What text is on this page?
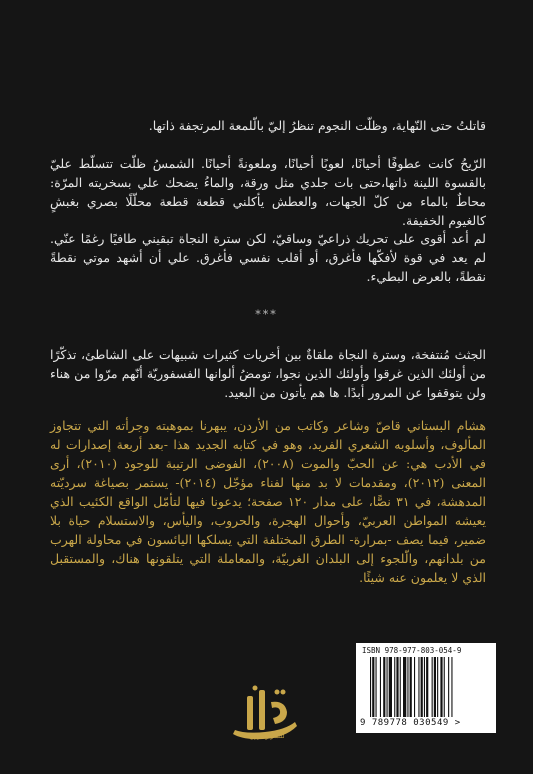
قاتلتُ حتى النّهاية، وظلّت النجوم تنظرُ إليّ بالّلمعة المرتجفة ذاتها.

الرّيحُ كانت عطوفًا أحيانًا، لعوبًا أحيانًا، وملعونةً أحيانًا. الشمسُ ظلّت تتسلّط عليّ بالقسوة اللينة ذاتها،حتى بات جلدي مثل ورقة، والماءُ يضحك علي بسخريته المرّة: محاطٌ بالماء من كلّ الجهات، والعطش يأكلني قطعة قطعة محلّلًا بصري بغبشٍ كالغيوم الخفيفة.

لم أعد أقوى على تحريك ذراعيّ وساقيّ، لكن سترة النجاة تبقيني طافيًا رغمًا عنّي. لم يعد في قوة لأفكّها فأغرق، أو أقلب نفسي فأغرق. علي أن أشهد موتي نقطةً نقطةً، بالعرض البطيء.

***

الجثث مُنتفخة، وسترة النجاة ملقاةٌ بين أخريات كثيرات شبيهات على الشاطئ، تذكّرًا من أولئك الذين غرقوا وأولئك الذين نجوا، تومضُ ألوانها الفسفوريّة أنّهم مرّوا من هناء ولن يتوقفوا عن المرور أبدًا. ها هم يأتون من البعيد.

هشام البستاني قاصّ وشاعر وكاتب من الأردن، يبهرنا بموهبته وجرأته التي تتجاوز المألوف، وأسلوبه الشعري الفريد، وهو في كتابه الجديد هذا -بعد أربعة إصدارات له في الأدب هي: عن الحبّ والموت (٢٠٠٨)، الفوضى الرتيبة للوجود (٢٠١٠)، أرى المعنى (٢٠١٢)، ومقدمات لا بد منها لفناء مؤجّل (٢٠١٤)- يستمر بصياغة سرديّته المدهشة، في ٣١ نصًّا، على مدار ١٢٠ صفحة؛ يدعونا فيها لتأمّل الواقع الكئيب الذي يعيشه المواطن العربيّ، وأحوال الهجرة، والحروب، واليأس، والاستسلام حياة بلا ضمير، فيما يصف -بمرارة- الطرق المختلفة التي يسلكها اليائسون في محاولة الهرب من بلدانهم، والّلجوء إلى البلدان الغربيّة، والمعاملة التي يتلقونها هناك، والمستقبل الذي لا يعلمون عنه شيئًا.

ISBN 978-977-803-054-9
9 789778 030549 >
للنشر والتوزيع
